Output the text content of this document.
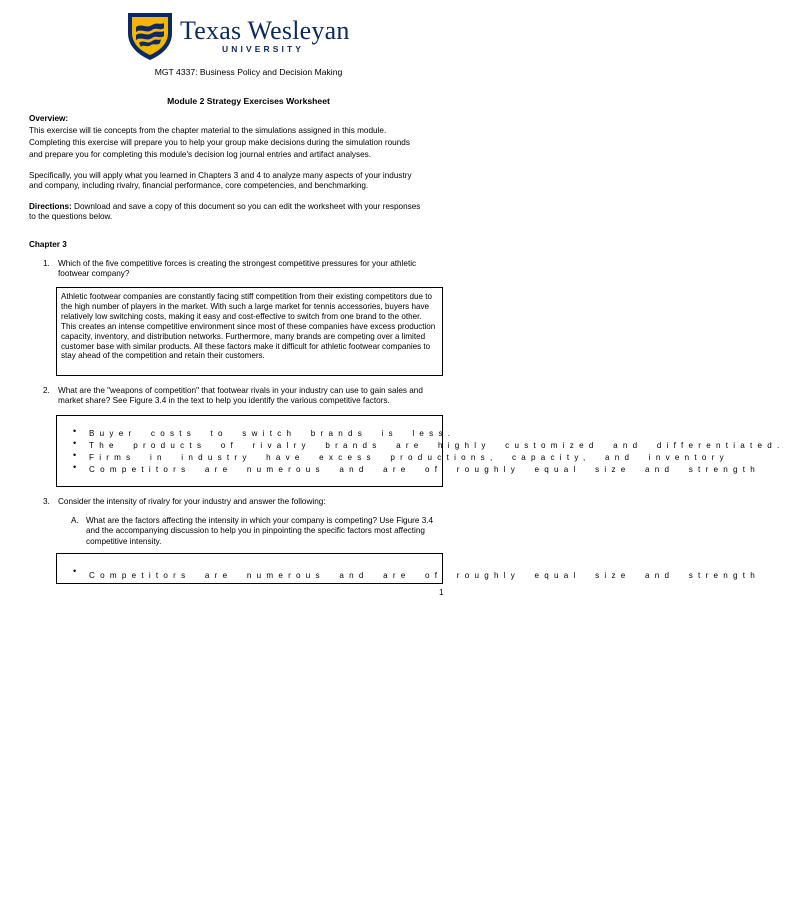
Texas Wesleyan
UNIVERSITY
MGT 4337: Business Policy and Decision Making
Module 2 Strategy Exercises Worksheet
Overview:
This exercise will tie concepts from the chapter material to the simulations assigned in this module.
Completing this exercise will prepare you to help your group make decisions during the simulation rounds
and prepare you for completing this module's decision log journal entries and artifact analyses.
Specifically, you will apply what you learned in Chapters 3 and 4 to analyze many aspects of your industry
and company, including rivalry, financial performance, core competencies, and benchmarking.
Directions: Download and save a copy of this document so you can edit the worksheet with your responses
to the questions below.
Chapter 3
1. Which of the five competitive forces is creating the strongest competitive pressures for your athletic footwear company?
Athletic footwear companies are constantly facing stiff competition from their existing competitors due to the high number of players in the market. With such a large market for tennis accessories, buyers have relatively low switching costs, making it easy and cost-effective to switch from one brand to the other. This creates an intense competitive environment since most of these companies have excess production capacity, inventory, and distribution networks. Furthermore, many brands are competing over a limited customer base with similar products. All these factors make it difficult for athletic footwear companies to stay ahead of the competition and retain their customers.
2. What are the "weapons of competition" that footwear rivals in your industry can use to gain sales and market share? See Figure 3.4 in the text to help you identify the various competitive factors.
• Buyer costs to switch brands is less.
• The products of rivalry brands are highly customized and differentiated.
• Firms in industry have excess productions, capacity, and inventory
• Competitors are numerous and are of roughly equal size and strength
3. Consider the intensity of rivalry for your industry and answer the following:
A. What are the factors affecting the intensity in which your company is competing? Use Figure 3.4 and the accompanying discussion to help you in pinpointing the specific factors most affecting competitive intensity.
• Competitors are numerous and are of roughly equal size and strength
1
